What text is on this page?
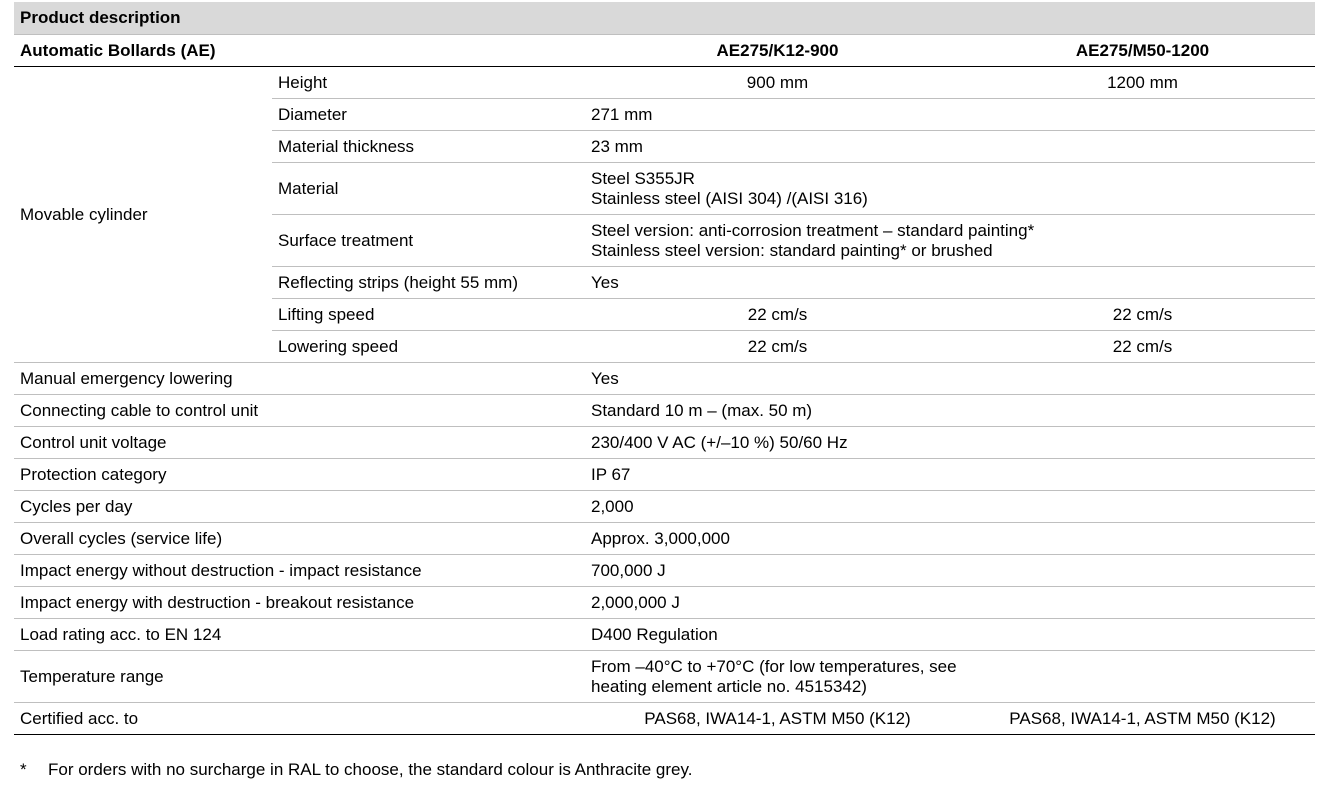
Product description			
Automatic Bollards (AE)		AE275/K12-900	AE275/M50-1200
Movable cylinder	Height	900 mm	1200 mm
	Diameter	271 mm	
	Material thickness	23 mm	
	Material	Steel S355JR
Stainless steel (AISI 304) /(AISI 316)	

	Surface treatment	Steel version: anti-corrosion treatment – standard painting*
Stainless steel version: standard painting* or brushed	

	Reflecting strips (height 55 mm)	Yes	
	Lifting speed	22 cm/s	22 cm/s
	Lowering speed	22 cm/s	22 cm/s
Manual emergency lowering		Yes	
Connecting cable to control unit		Standard 10 m – (max. 50 m)	
Control unit voltage		230/400 V AC (+/–10 %) 50/60 Hz	
Protection category		IP 67	
Cycles per day		2,000	
Overall cycles (service life)		Approx. 3,000,000	
Impact energy without destruction - impact resistance		700,000 J	
Impact energy with destruction - breakout resistance		2,000,000 J	
Load rating acc. to EN 124		D400 Regulation	
Temperature range		From –40°C to +70°C (for low temperatures, see
heating element article no. 4515342)	

Certified acc. to		PAS68, IWA14-1, ASTM M50 (K12)	PAS68, IWA14-1, ASTM M50 (K12)
* For orders with no surcharge in RAL to choose, the standard colour is Anthracite grey.
